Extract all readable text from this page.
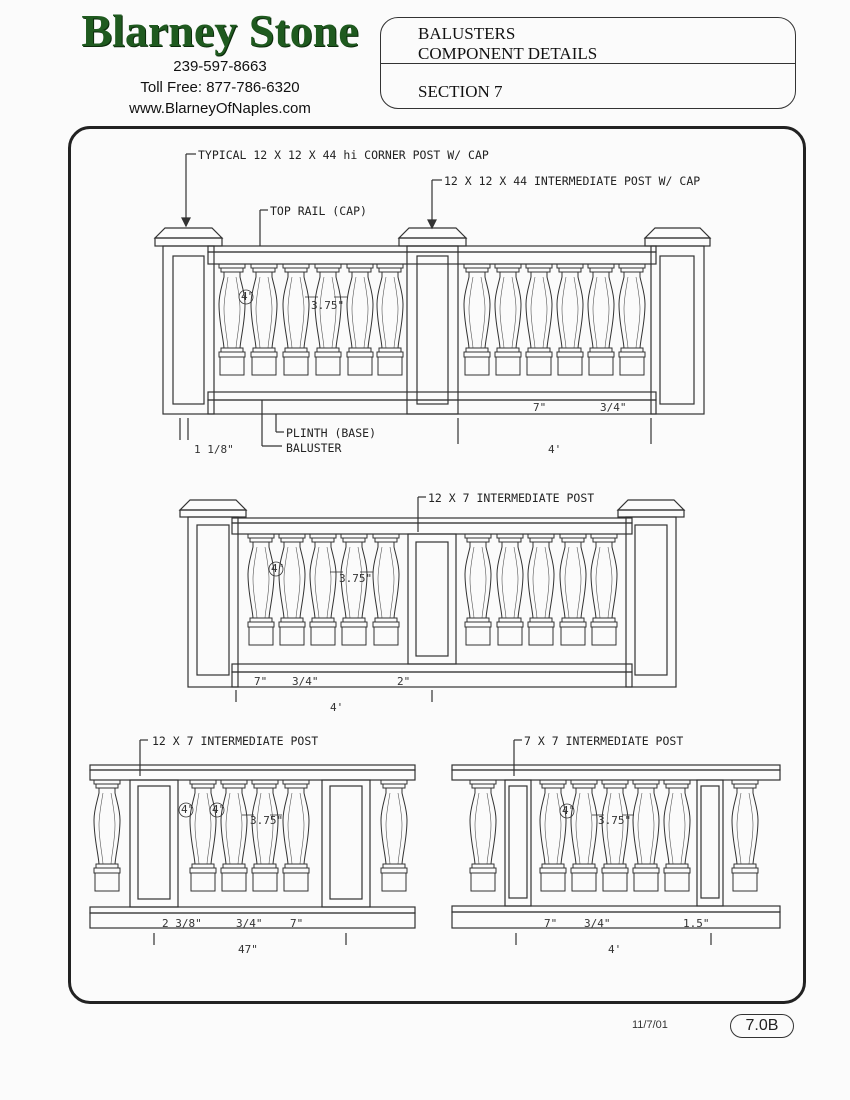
Blarney Stone
239-597-8663
Toll Free: 877-786-6320
www.BlarneyOfNaples.com
BALUSTERS
COMPONENT DETAILS
SECTION 7
TYPICAL 12 X 12 X 44 hi CORNER POST W/ CAP
12 X 12 X 44 INTERMEDIATE POST W/ CAP
TOP RAIL (CAP)
PLINTH (BASE)
BALUSTER
1 1/8"	4'
7"	3/4"
4"
3.75"
12 X 7 INTERMEDIATE POST
7" 3/4"	2"
4'
4"
3.75"
12 X 7 INTERMEDIATE POST
2 3/8"	3/4"	7"
47"
4" 4"
3.75"
7 X 7 INTERMEDIATE POST
7" 3/4"	1.5"
4'
4"
3.75"
11/7/01	7.0B
